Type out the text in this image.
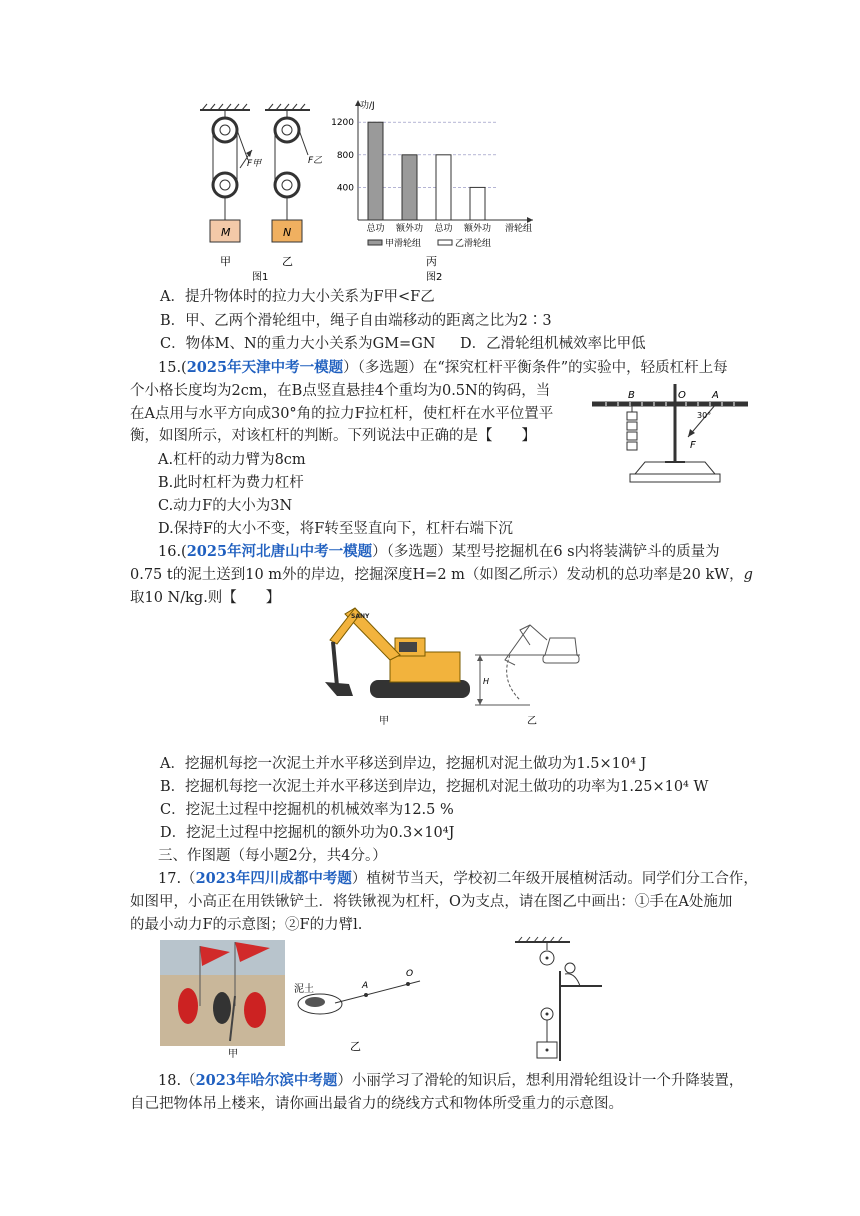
M	N
F甲	F乙
甲	乙
图1
功/J
滑轮组
400
800
1200
总功 额外功 总功 额外功
甲滑轮组	乙滑轮组
丙
图2
A．提升物体时的拉力大小关系为F甲<F乙
B．甲、乙两个滑轮组中，绳子自由端移动的距离之比为2∶3
C．物体M、N的重力大小关系为GM=GN D．乙滑轮组机械效率比甲低
15.(2025年天津中考一模题）（多选题）在“探究杠杆平衡条件”的实验中，轻质杠杆上每
个小格长度均为2cm，在B点竖直悬挂4个重均为0.5N的钩码，当
在A点用与水平方向成30°角的拉力F拉杠杆，使杠杆在水平位置平
衡，如图所示，对该杠杆的判断。下列说法中正确的是【　　】
A.杠杆的动力臂为8cm
B.此时杠杆为费力杠杆
C.动力F的大小为3N
D.保持F的大小不变，将F转至竖直向下，杠杆右端下沉
B	O	A
30°
F
16.(2025年河北唐山中考一模题）（多选题）某型号挖掘机在6 s内将装满铲斗的质量为
0.75 t的泥土送到10 m外的岸边，挖掘深度H=2 m（如图乙所示）发动机的总功率是20 kW，g
取10 N/kg.则【　　】
SANY
甲
H
乙
A．挖掘机每挖一次泥土并水平移送到岸边，挖掘机对泥土做功为1.5×10⁴ J
B．挖掘机每挖一次泥土并水平移送到岸边，挖掘机对泥土做功的功率为1.25×10⁴ W
C．挖泥土过程中挖掘机的机械效率为12.5 %
D．挖泥土过程中挖掘机的额外功为0.3×10⁴J
三、作图题（每小题2分，共4分。）
17.（2023年四川成都中考题）植树节当天，学校初二年级开展植树活动。同学们分工合作，
如图甲，小高正在用铁锹铲土．将铁锹视为杠杆，O为支点，请在图乙中画出：①手在A处施加
的最小动力F的示意图；②F的力臂l.
甲
泥土	A
O
乙
18.（2023年哈尔滨中考题）小丽学习了滑轮的知识后，想利用滑轮组设计一个升降装置，
自己把物体吊上楼来，请你画出最省力的绕线方式和物体所受重力的示意图。
